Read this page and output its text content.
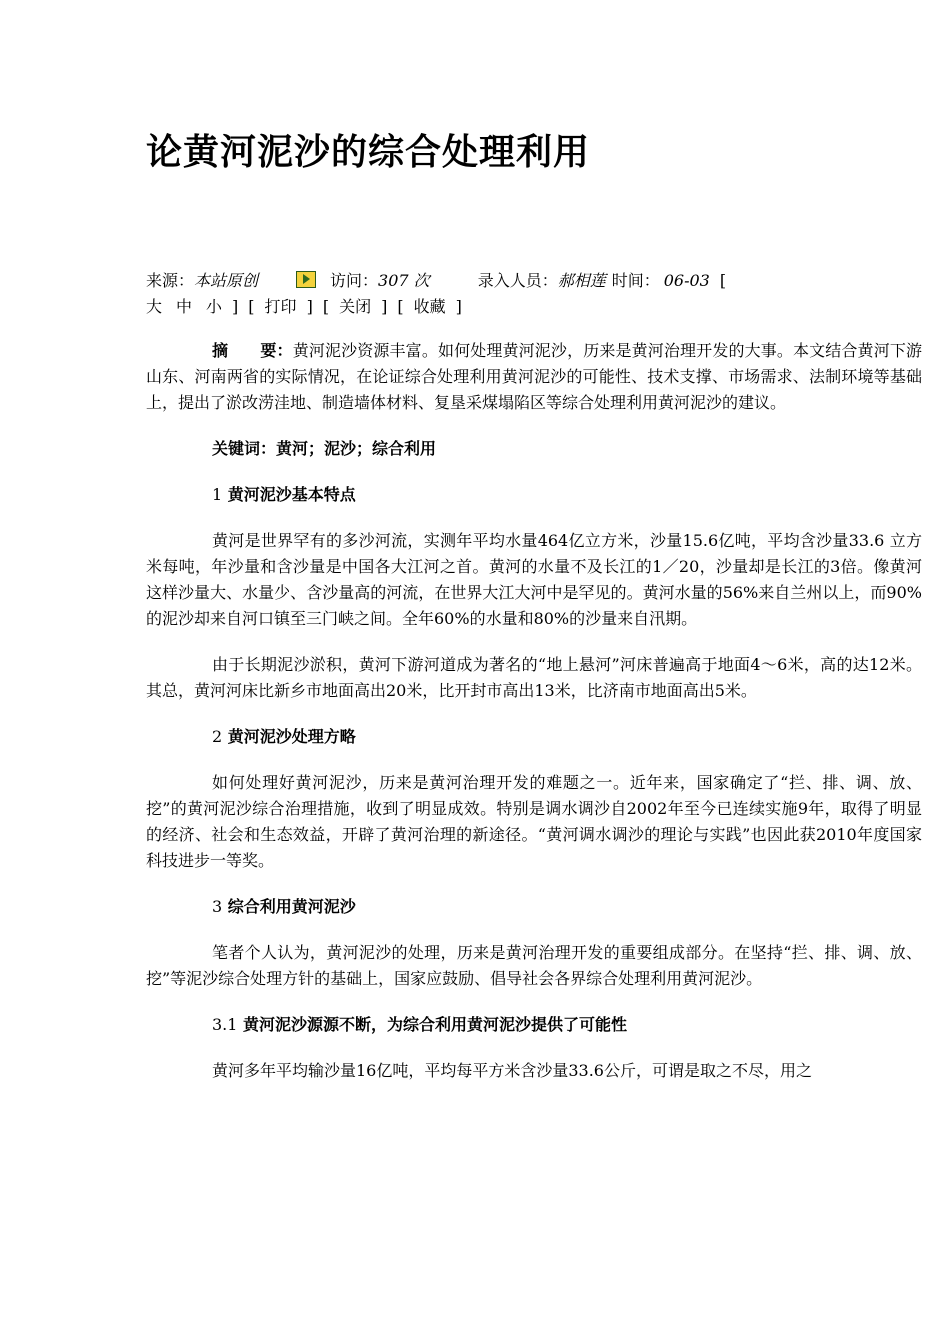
论黄河泥沙的综合处理利用
来源：本站原创	访问：307 次	录入人员：郝相莲 时间： 06-03 [
大 中 小 ] [ 打印 ] [ 关闭 ] [ 收藏 ]

摘　　要：黄河泥沙资源丰富。如何处理黄河泥沙，历来是黄河治理开发的大事。本文结合黄河下游山东、河南两省的实际情况，在论证综合处理利用黄河泥沙的可能性、技术支撑、市场需求、法制环境等基础上，提出了淤改涝洼地、制造墙体材料、复垦采煤塌陷区等综合处理利用黄河泥沙的建议。

关键词：黄河；泥沙；综合利用
1 黄河泥沙基本特点

黄河是世界罕有的多沙河流，实测年平均水量464亿立方米，沙量15.6亿吨，平均含沙量33.6 立方米每吨，年沙量和含沙量是中国各大江河之首。黄河的水量不及长江的1／20，沙量却是长江的3倍。像黄河这样沙量大、水量少、含沙量高的河流，在世界大江大河中是罕见的。黄河水量的56%来自兰州以上，而90%的泥沙却来自河口镇至三门峡之间。全年60%的水量和80%的沙量来自汛期。

由于长期泥沙淤积，黄河下游河道成为著名的“地上悬河”河床普遍高于地面4～6米，高的达12米。其总，黄河河床比新乡市地面高出20米，比开封市高出13米，比济南市地面高出5米。

2 黄河泥沙处理方略

如何处理好黄河泥沙，历来是黄河治理开发的难题之一。近年来，国家确定了“拦、排、调、放、挖”的黄河泥沙综合治理措施，收到了明显成效。特别是调水调沙自2002年至今已连续实施9年，取得了明显的经济、社会和生态效益，开辟了黄河治理的新途径。“黄河调水调沙的理论与实践”也因此获2010年度国家科技进步一等奖。

3 综合利用黄河泥沙

笔者个人认为，黄河泥沙的处理，历来是黄河治理开发的重要组成部分。在坚持“拦、排、调、放、挖”等泥沙综合处理方针的基础上，国家应鼓励、倡导社会各界综合处理利用黄河泥沙。

3.1 黄河泥沙源源不断，为综合利用黄河泥沙提供了可能性

黄河多年平均输沙量16亿吨，平均每平方米含沙量33.6公斤，可谓是取之不尽，用之
